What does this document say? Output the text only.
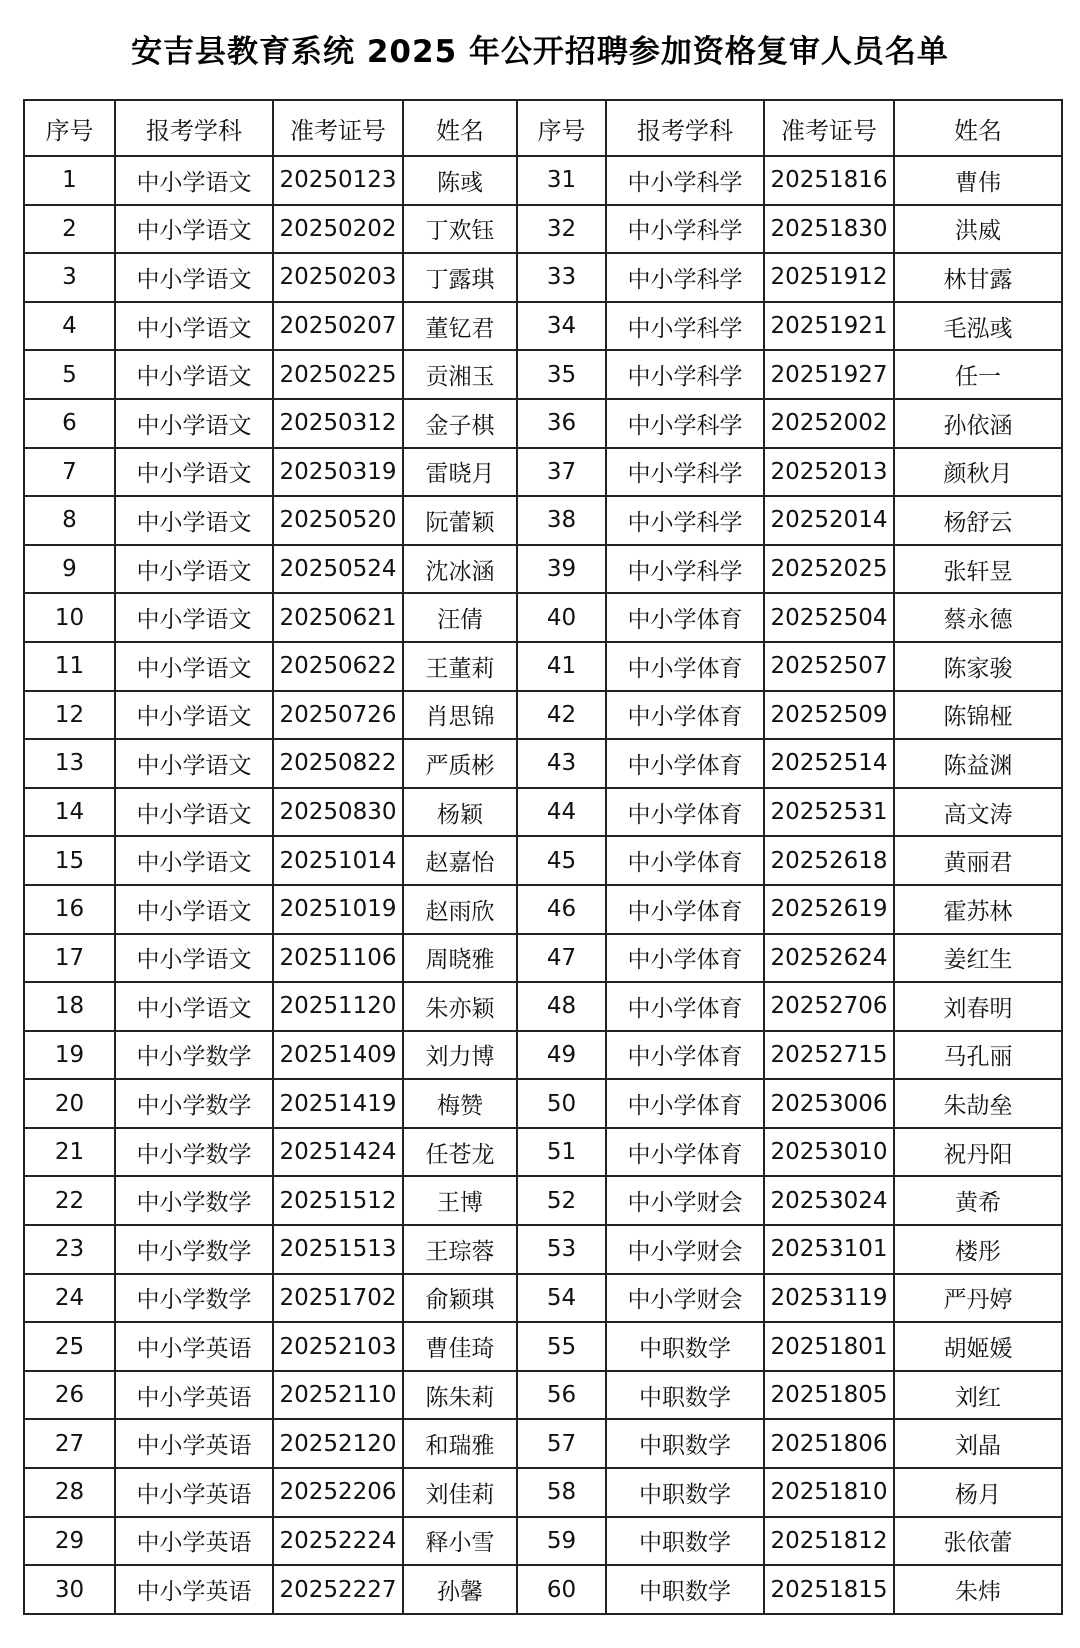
安吉县教育系统 2025 年公开招聘参加资格复审人员名单
序号	报考学科	准考证号	姓名	序号	报考学科	准考证号	姓名
1	中小学语文	20250123	陈彧	31	中小学科学	20251816	曹伟
2	中小学语文	20250202	丁欢钰	32	中小学科学	20251830	洪威
3	中小学语文	20250203	丁露琪	33	中小学科学	20251912	林甘露
4	中小学语文	20250207	董钇君	34	中小学科学	20251921	毛泓彧
5	中小学语文	20250225	贡湘玉	35	中小学科学	20251927	任一
6	中小学语文	20250312	金子棋	36	中小学科学	20252002	孙依涵
7	中小学语文	20250319	雷晓月	37	中小学科学	20252013	颜秋月
8	中小学语文	20250520	阮蕾颖	38	中小学科学	20252014	杨舒云
9	中小学语文	20250524	沈冰涵	39	中小学科学	20252025	张轩昱
10	中小学语文	20250621	汪倩	40	中小学体育	20252504	蔡永德
11	中小学语文	20250622	王董莉	41	中小学体育	20252507	陈家骏
12	中小学语文	20250726	肖思锦	42	中小学体育	20252509	陈锦桠
13	中小学语文	20250822	严质彬	43	中小学体育	20252514	陈益渊
14	中小学语文	20250830	杨颖	44	中小学体育	20252531	高文涛
15	中小学语文	20251014	赵嘉怡	45	中小学体育	20252618	黄丽君
16	中小学语文	20251019	赵雨欣	46	中小学体育	20252619	霍苏林
17	中小学语文	20251106	周晓雅	47	中小学体育	20252624	姜红生
18	中小学语文	20251120	朱亦颖	48	中小学体育	20252706	刘春明
19	中小学数学	20251409	刘力博	49	中小学体育	20252715	马孔丽
20	中小学数学	20251419	梅赞	50	中小学体育	20253006	朱劼垒
21	中小学数学	20251424	任苍龙	51	中小学体育	20253010	祝丹阳
22	中小学数学	20251512	王博	52	中小学财会	20253024	黄希
23	中小学数学	20251513	王琮蓉	53	中小学财会	20253101	楼彤
24	中小学数学	20251702	俞颖琪	54	中小学财会	20253119	严丹婷
25	中小学英语	20252103	曹佳琦	55	中职数学	20251801	胡姬媛
26	中小学英语	20252110	陈朱莉	56	中职数学	20251805	刘红
27	中小学英语	20252120	和瑞雅	57	中职数学	20251806	刘晶
28	中小学英语	20252206	刘佳莉	58	中职数学	20251810	杨月
29	中小学英语	20252224	释小雪	59	中职数学	20251812	张依蕾
30	中小学英语	20252227	孙馨	60	中职数学	20251815	朱炜
